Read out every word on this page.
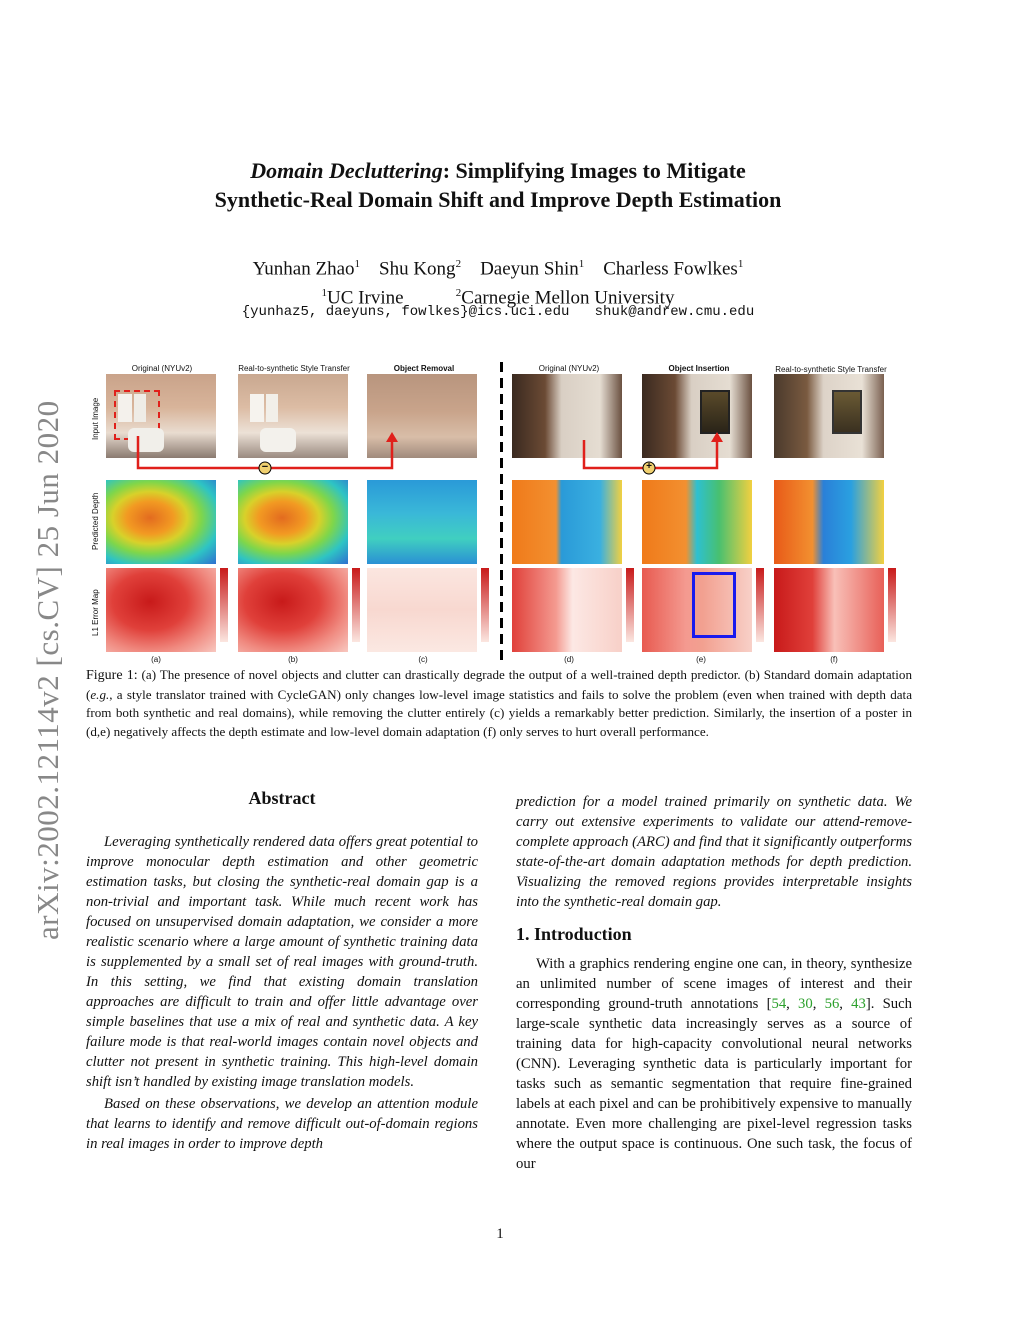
Domain Decluttering: Simplifying Images to Mitigate
Synthetic-Real Domain Shift and Improve Depth Estimation
Yunhan Zhao$^1$ Shu Kong$^2$ Daeyun Shin$^1$ Charless Fowlkes$^1$
$^1$UC Irvine	$^2$Carnegie Mellon University
{yunhaz5, daeyuns, fowlkes}@ics.uci.edu shuk@andrew.cmu.edu
arXiv:2002.12114v2 [cs.CV] 25 Jun 2020
Original (NYUv2)	Real-to-synthetic Style Transfer	Object Removal	Original (NYUv2)	Object Insertion	Real-to-synthetic Style Transfer
Input Image
Predicted Depth
L1 Error Map
−	+
(a)	(b)	(c)	(d)	(e)	(f)
Figure 1: (a) The presence of novel objects and clutter can drastically degrade the output of a well-trained depth predictor. (b) Standard domain adaptation (e.g., a style translator trained with CycleGAN) only changes low-level image statistics and fails to solve the problem (even when trained with depth data from both synthetic and real domains), while removing the clutter entirely (c) yields a remarkably better prediction. Similarly, the insertion of a poster in (d,e) negatively affects the depth estimate and low-level domain adaptation (f) only serves to hurt overall performance.
Abstract

Leveraging synthetically rendered data offers great potential to improve monocular depth estimation and other geometric estimation tasks, but closing the synthetic-real domain gap is a non-trivial and important task. While much recent work has focused on unsupervised domain adaptation, we consider a more realistic scenario where a large amount of synthetic training data is supplemented by a small set of real images with ground-truth. In this setting, we find that existing domain translation approaches are difficult to train and offer little advantage over simple baselines that use a mix of real and synthetic data. A key failure mode is that real-world images contain novel objects and clutter not present in synthetic training. This high-level domain shift isn’t handled by existing image translation models.

Based on these observations, we develop an attention module that learns to identify and remove difficult out-of-domain regions in real images in order to improve depth

prediction for a model trained primarily on synthetic data. We carry out extensive experiments to validate our attend-remove-complete approach (ARC) and find that it significantly outperforms state-of-the-art domain adaptation methods for depth prediction. Visualizing the removed regions provides interpretable insights into the synthetic-real domain gap.

1. Introduction

With a graphics rendering engine one can, in theory, synthesize an unlimited number of scene images of interest and their corresponding ground-truth annotations [54, 30, 56, 43]. Such large-scale synthetic data increasingly serves as a source of training data for high-capacity convolutional neural networks (CNN). Leveraging synthetic data is particularly important for tasks such as semantic segmentation that require fine-grained labels at each pixel and can be prohibitively expensive to manually annotate. Even more challenging are pixel-level regression tasks where the output space is continuous. One such task, the focus of our

1
